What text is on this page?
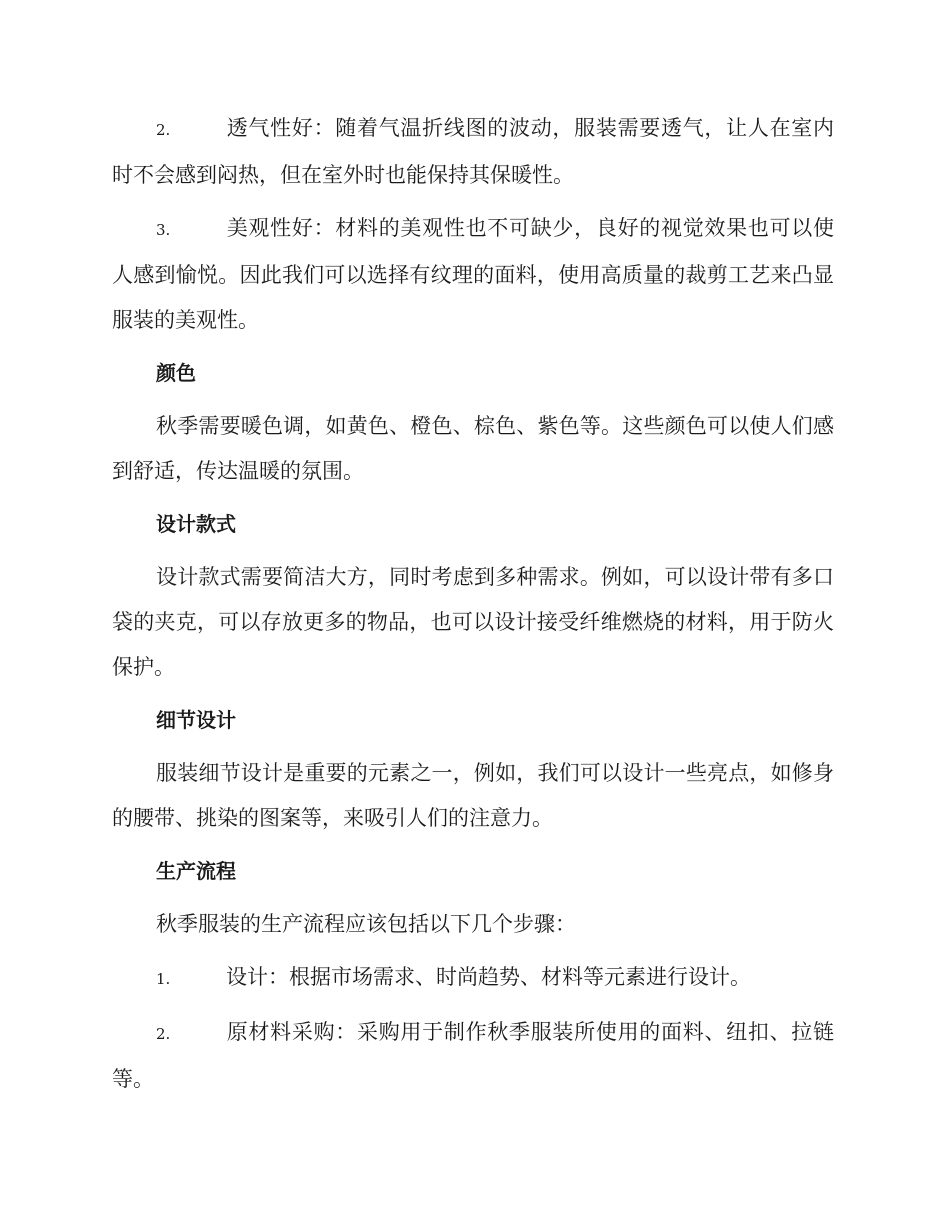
2.	透气性好：随着气温折线图的波动，服装需要透气，让人在室内时不会感到闷热，但在室外时也能保持其保暖性。

3.	美观性好：材料的美观性也不可缺少，良好的视觉效果也可以使人感到愉悦。因此我们可以选择有纹理的面料，使用高质量的裁剪工艺来凸显服装的美观性。

颜色

秋季需要暖色调，如黄色、橙色、棕色、紫色等。这些颜色可以使人们感到舒适，传达温暖的氛围。

设计款式

设计款式需要简洁大方，同时考虑到多种需求。例如，可以设计带有多口袋的夹克，可以存放更多的物品，也可以设计接受纤维燃烧的材料，用于防火保护。

细节设计

服装细节设计是重要的元素之一，例如，我们可以设计一些亮点，如修身的腰带、挑染的图案等，来吸引人们的注意力。

生产流程

秋季服装的生产流程应该包括以下几个步骤：

1.	设计：根据市场需求、时尚趋势、材料等元素进行设计。

2.	原材料采购：采购用于制作秋季服装所使用的面料、纽扣、拉链等。
